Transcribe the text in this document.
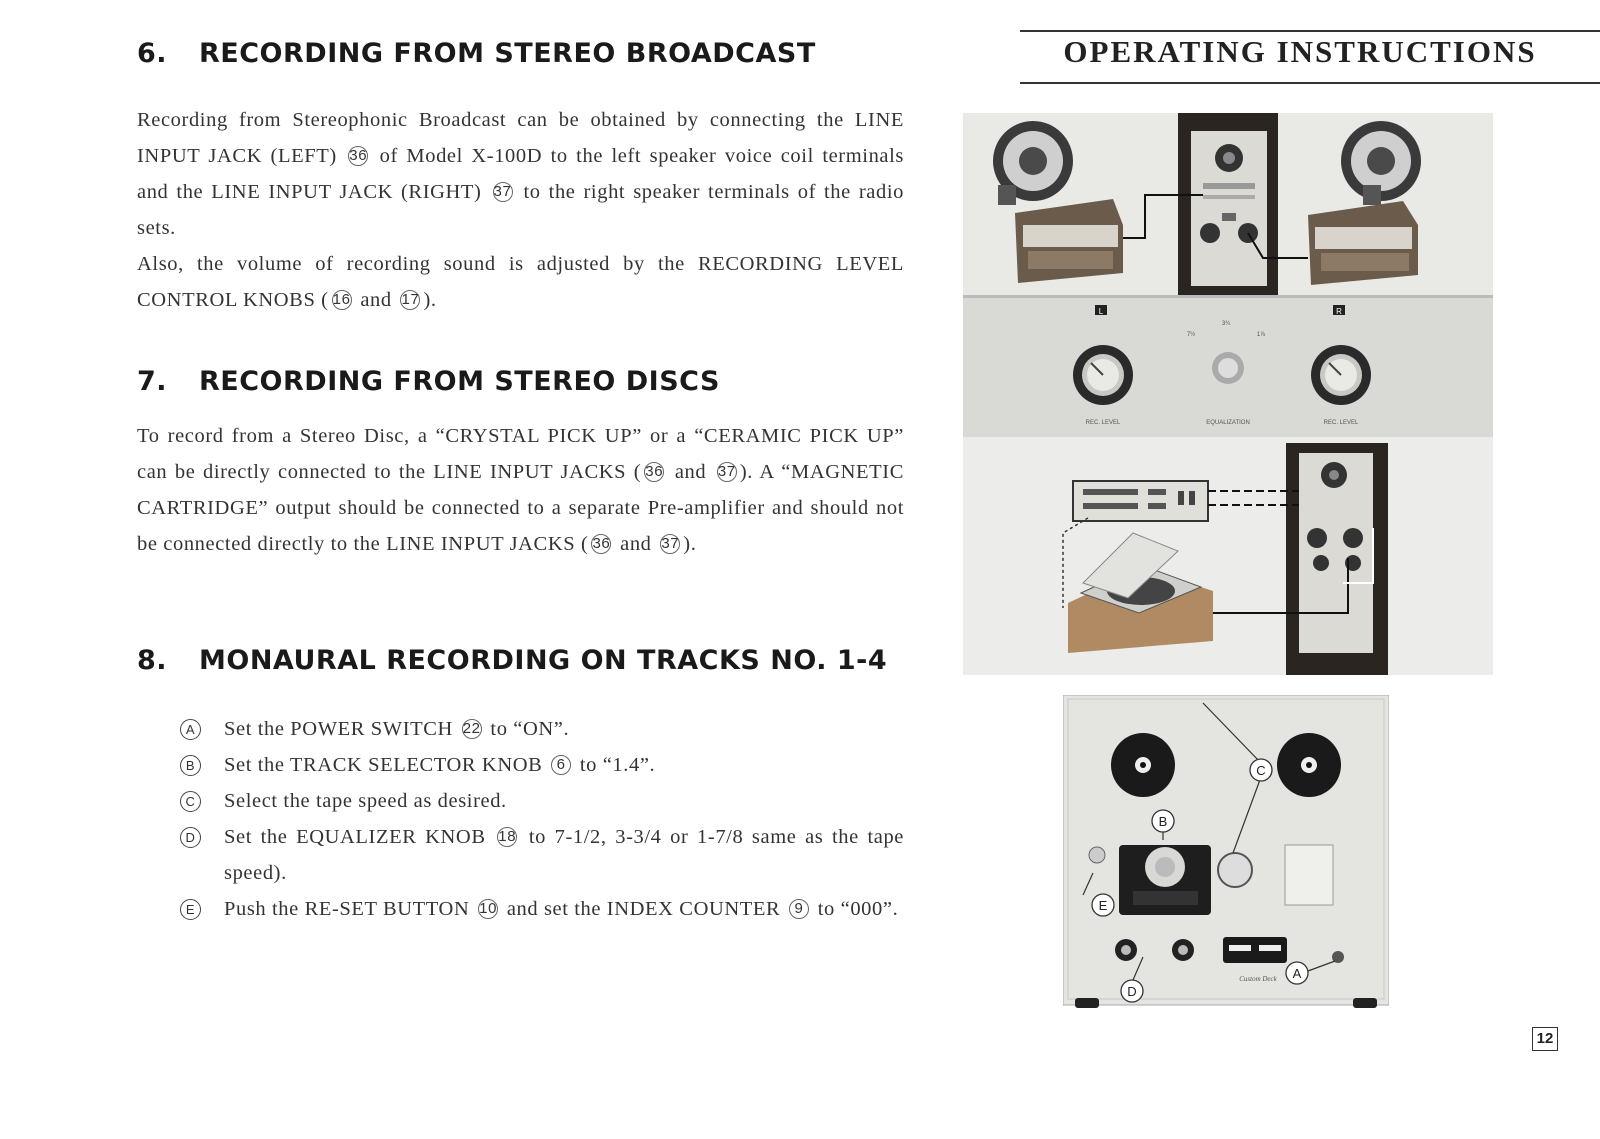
6. RECORDING FROM STEREO BROADCAST

Recording from Stereophonic Broadcast can be obtained by connecting the LINE INPUT JACK (LEFT) 36 of Model X-100D to the left speaker voice coil terminals and the LINE INPUT JACK (RIGHT) 37 to the right speaker terminals of the radio sets.

Also, the volume of recording sound is adjusted by the RECORDING LEVEL CONTROL KNOBS ( 16 and 17 ).

7. RECORDING FROM STEREO DISCS

To record from a Stereo Disc, a “CRYSTAL PICK UP” or a “CERAMIC PICK UP” can be directly connected to the LINE INPUT JACKS ( 36 and 37 ). A “MAGNETIC CARTRIDGE” output should be connected to a separate Pre-amplifier and should not be connected directly to the LINE INPUT JACKS ( 36 and 37 ).

8. MONAURAL RECORDING ON TRACKS NO. 1-4
A Set the POWER SWITCH 22 to “ON”.
B Set the TRACK SELECTOR KNOB 6 to “1.4”.
C Select the tape speed as desired.
D Set the EQUALIZER KNOB 18 to 7-1/2, 3-3/4 or 1-7/8 same as the tape speed).
E Push the RE-SET BUTTON 10 and set the INDEX COUNTER 9 to “000”.
OPERATING INSTRUCTIONS
L	R
3¾
7½	1⅞
REC. LEVEL	EQUALIZATION	REC. LEVEL
Custom Deck
C
B
E
D
A
12
